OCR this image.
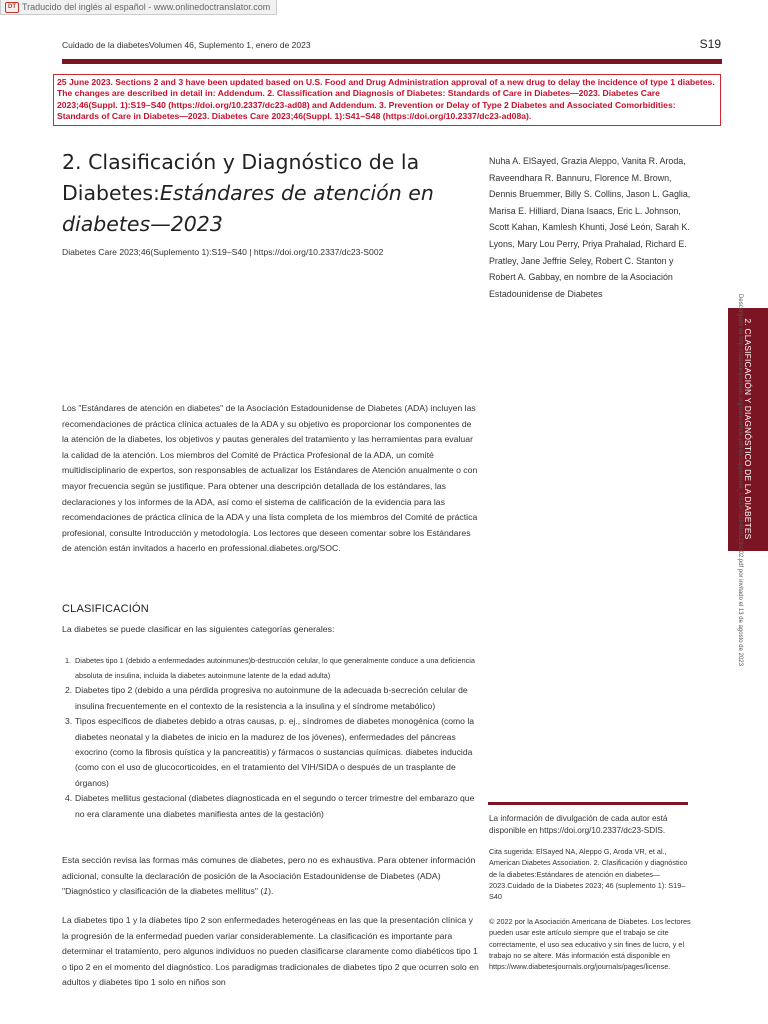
DT Traducido del inglés al español - www.onlinedoctranslator.com
Cuidado de la diabetesVolumen 46, Suplemento 1, enero de 2023	S19
25 June 2023. Sections 2 and 3 have been updated based on U.S. Food and Drug Administration approval of a new drug to delay the incidence of type 1 diabetes. The changes are described in detail in: Addendum. 2. Classification and Diagnosis of Diabetes: Standards of Care in Diabetes—2023. Diabetes Care 2023;46(Suppl. 1):S19–S40 (https://doi.org/10.2337/dc23-ad08) and Addendum. 3. Prevention or Delay of Type 2 Diabetes and Associated Comorbidities: Standards of Care in Diabetes—2023. Diabetes Care 2023;46(Suppl. 1):S41–S48 (https://doi.org/10.2337/dc23-ad08a).
2. Clasificación y Diagnóstico de la Diabetes:Estándares de atención en diabetes—2023
Diabetes Care 2023;46(Suplemento 1):S19–S40 | https://doi.org/10.2337/dc23-S002
Nuha A. ElSayed, Grazia Aleppo, Vanita R. Aroda, Raveendhara R. Bannuru, Florence M. Brown, Dennis Bruemmer, Billy S. Collins, Jason L. Gaglia, Marisa E. Hilliard, Diana Isaacs, Eric L. Johnson, Scott Kahan, Kamlesh Khunti, José León, Sarah K. Lyons, Mary Lou Perry, Priya Prahalad, Richard E. Pratley, Jane Jeffrie Seley, Robert C. Stanton y Robert A. Gabbay, en nombre de la Asociación Estadounidense de Diabetes
2. CLASIFICACIÓN Y DIAGNÓSTICO DE LA DIABETES
Descargado de http://diabetesjournals.org/care/article-pdf/46/Supplement_1/S19/702848/dc23s002.pdf por invitado el 13 de agosto de 2023
Los "Estándares de atención en diabetes" de la Asociación Estadounidense de Diabetes (ADA) incluyen las recomendaciones de práctica clínica actuales de la ADA y su objetivo es proporcionar los componentes de la atención de la diabetes, los objetivos y pautas generales del tratamiento y las herramientas para evaluar la calidad de la atención. Los miembros del Comité de Práctica Profesional de la ADA, un comité multidisciplinario de expertos, son responsables de actualizar los Estándares de Atención anualmente o con mayor frecuencia según se justifique. Para obtener una descripción detallada de los estándares, las declaraciones y los informes de la ADA, así como el sistema de calificación de la evidencia para las recomendaciones de práctica clínica de la ADA y una lista completa de los miembros del Comité de práctica profesional, consulte Introducción y metodología. Los lectores que deseen comentar sobre los Estándares de atención están invitados a hacerlo en professional.diabetes.org/SOC.
CLASIFICACIÓN
La diabetes se puede clasificar en las siguientes categorías generales:
1. Diabetes tipo 1 (debido a enfermedades autoinmunes)b-destrucción celular, lo que generalmente conduce a una deficiencia absoluta de insulina, incluida la diabetes autoinmune latente de la edad adulta)
2. Diabetes tipo 2 (debido a una pérdida progresiva no autoinmune de la adecuada b-secreción celular de insulina frecuentemente en el contexto de la resistencia a la insulina y el síndrome metabólico)
3. Tipos específicos de diabetes debido a otras causas, p. ej., síndromes de diabetes monogénica (como la diabetes neonatal y la diabetes de inicio en la madurez de los jóvenes), enfermedades del páncreas exocrino (como la fibrosis quística y la pancreatitis) y fármacos o sustancias químicas. diabetes inducida (como con el uso de glucocorticoides, en el tratamiento del VIH/SIDA o después de un trasplante de órganos)
4. Diabetes mellitus gestacional (diabetes diagnosticada en el segundo o tercer trimestre del embarazo que no era claramente una diabetes manifiesta antes de la gestación)
Esta sección revisa las formas más comunes de diabetes, pero no es exhaustiva. Para obtener información adicional, consulte la declaración de posición de la Asociación Estadounidense de Diabetes (ADA) "Diagnóstico y clasificación de la diabetes mellitus" (1).
La diabetes tipo 1 y la diabetes tipo 2 son enfermedades heterogéneas en las que la presentación clínica y la progresión de la enfermedad pueden variar considerablemente. La clasificación es importante para determinar el tratamiento, pero algunos individuos no pueden clasificarse claramente como diabéticos tipo 1 o tipo 2 en el momento del diagnóstico. Los paradigmas tradicionales de diabetes tipo 2 que ocurren solo en adultos y diabetes tipo 1 solo en niños son
La información de divulgación de cada autor está disponible en https://doi.org/10.2337/dc23-SDIS.
Cita sugerida: ElSayed NA, Aleppo G, Aroda VR, et al., American Diabetes Association. 2. Clasificación y diagnóstico de la diabetes:Estándares de atención en diabetes—2023.Cuidado de la Diabetes 2023; 46 (suplemento 1): S19–S40
© 2022 por la Asociación Americana de Diabetes. Los lectores pueden usar este artículo siempre que el trabajo se cite correctamente, el uso sea educativo y sin fines de lucro, y el trabajo no se altere. Más información está disponible en https://www.diabetesjournals.org/journals/pages/license.
